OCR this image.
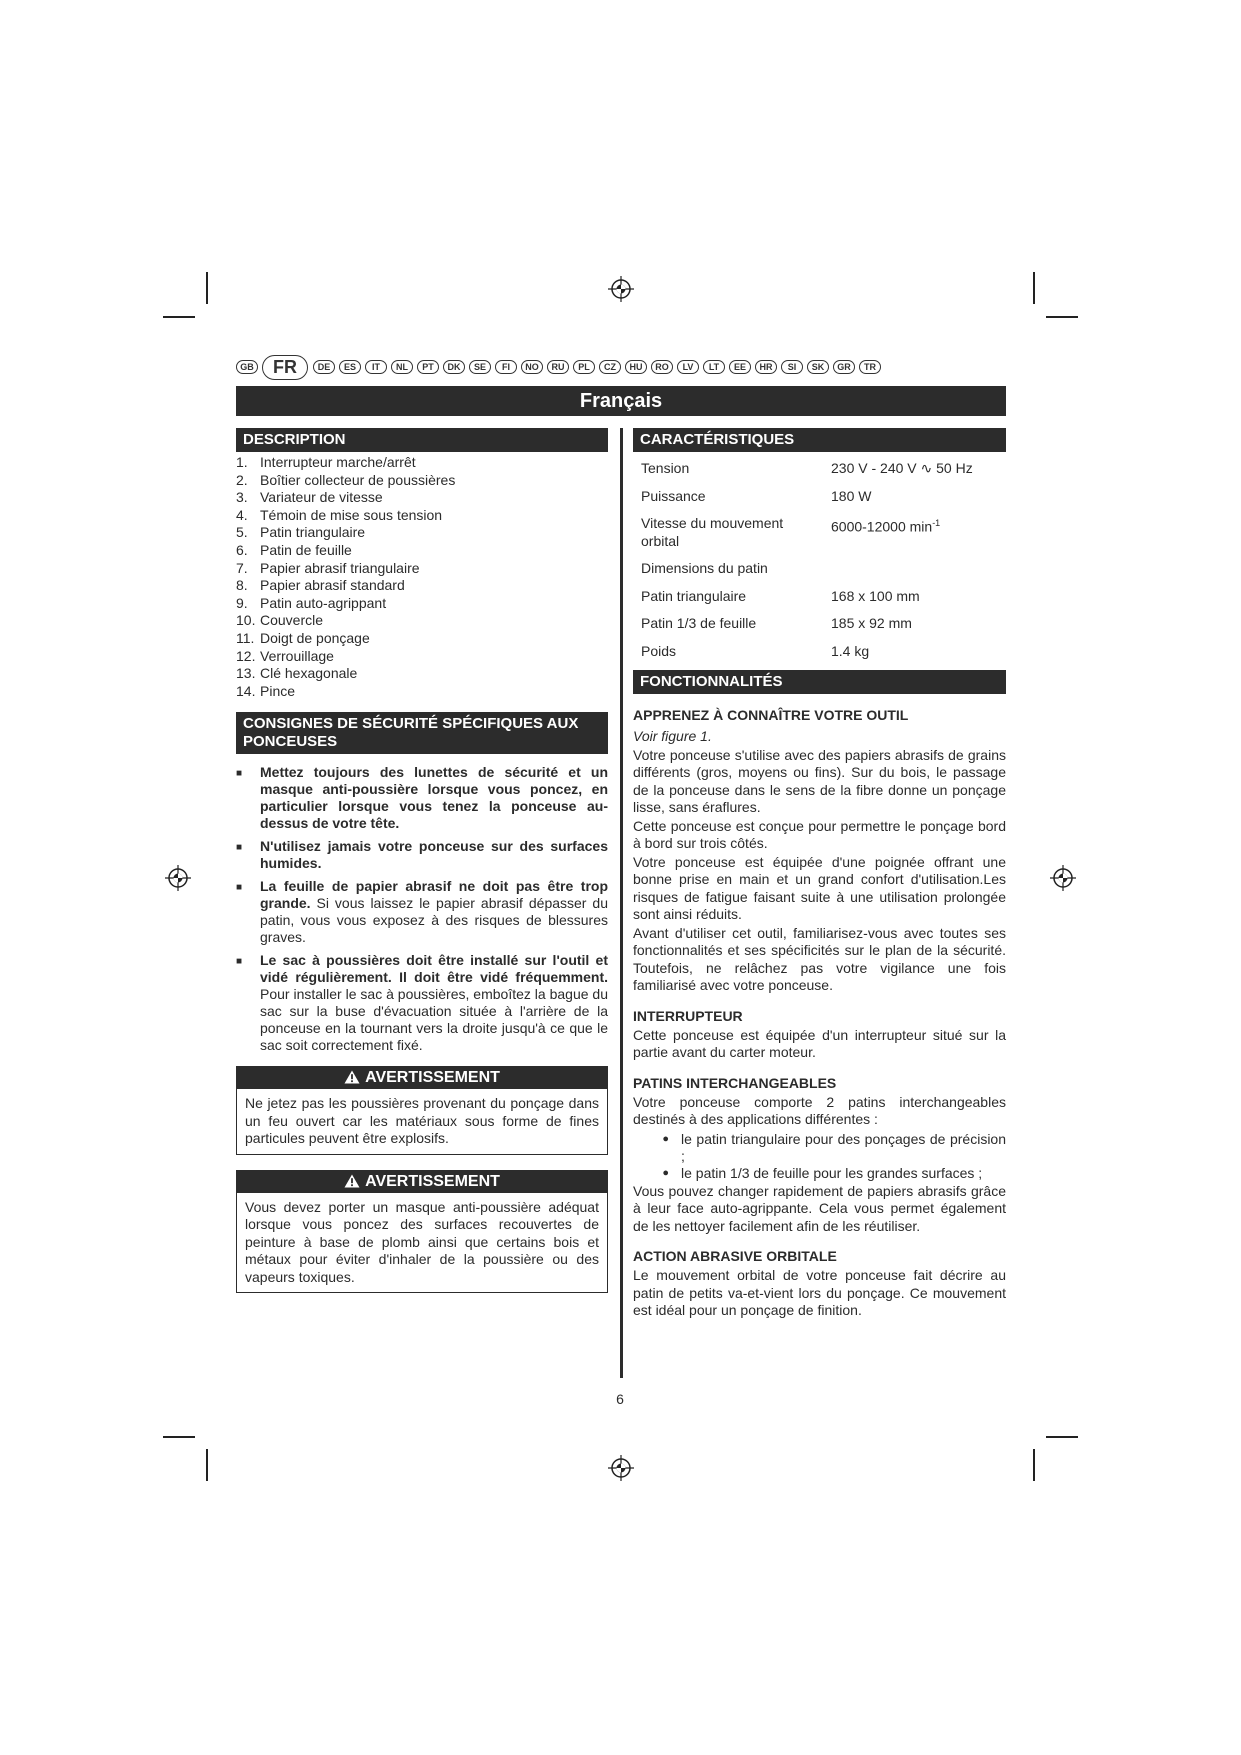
GB	FR	DE	ES	IT	NL	PT	DK	SE	FI	NO	RU	PL	CZ	HU	RO	LV	LT	EE	HR	SI	SK	GR	TR
Français
DESCRIPTION
1. Interrupteur marche/arrêt
2. Boîtier collecteur de poussières
3. Variateur de vitesse
4. Témoin de mise sous tension
5. Patin triangulaire
6. Patin de feuille
7. Papier abrasif triangulaire
8. Papier abrasif standard
9. Patin auto-agrippant
10. Couvercle
11. Doigt de ponçage
12. Verrouillage
13. Clé hexagonale
14. Pince
CONSIGNES DE SÉCURITÉ SPÉCIFIQUES AUX PONCEUSES
■	Mettez toujours des lunettes de sécurité et un masque anti-poussière lorsque vous poncez, en particulier lorsque vous tenez la ponceuse au-dessus de votre tête.
■	N'utilisez jamais votre ponceuse sur des surfaces humides.
■	La feuille de papier abrasif ne doit pas être trop grande. Si vous laissez le papier abrasif dépasser du patin, vous vous exposez à des risques de blessures graves.
■	Le sac à poussières doit être installé sur l'outil et vidé régulièrement. Il doit être vidé fréquemment. Pour installer le sac à poussières, emboîtez la bague du sac sur la buse d'évacuation située à l'arrière de la ponceuse en la tournant vers la droite jusqu'à ce que le sac soit correctement fixé.
AVERTISSEMENT
Ne jetez pas les poussières provenant du ponçage dans un feu ouvert car les matériaux sous forme de fines particules peuvent être explosifs.
AVERTISSEMENT
Vous devez porter un masque anti-poussière adéquat lorsque vous poncez des surfaces recouvertes de peinture à base de plomb ainsi que certains bois et métaux pour éviter d'inhaler de la poussière ou des vapeurs toxiques.
CARACTÉRISTIQUES
Tension	230 V - 240 V ∿ 50 Hz
Puissance	180 W
Vitesse du mouvement orbital	6000-12000 $\min^{-1}$
Dimensions du patin	
Patin triangulaire	168 x 100 mm
Patin 1/3 de feuille	185 x 92 mm
Poids	1.4 kg
FONCTIONNALITÉS

APPRENEZ À CONNAÎTRE VOTRE OUTIL

Voir figure 1.

Votre ponceuse s'utilise avec des papiers abrasifs de grains différents (gros, moyens ou fins). Sur du bois, le passage de la ponceuse dans le sens de la fibre donne un ponçage lisse, sans éraflures.

Cette ponceuse est conçue pour permettre le ponçage bord à bord sur trois côtés.

Votre ponceuse est équipée d'une poignée offrant une bonne prise en main et un grand confort d'utilisation.Les risques de fatigue faisant suite à une utilisation prolongée sont ainsi réduits.

Avant d'utiliser cet outil, familiarisez-vous avec toutes ses fonctionnalités et ses spécificités sur le plan de la sécurité. Toutefois, ne relâchez pas votre vigilance une fois familiarisé avec votre ponceuse.

INTERRUPTEUR

Cette ponceuse est équipée d'un interrupteur situé sur la partie avant du carter moteur.

PATINS INTERCHANGEABLES

Votre ponceuse comporte 2 patins interchangeables destinés à des applications différentes :

● le patin triangulaire pour des ponçages de précision ;
● le patin 1/3 de feuille pour les grandes surfaces ;

Vous pouvez changer rapidement de papiers abrasifs grâce à leur face auto-agrippante. Cela vous permet également de les nettoyer facilement afin de les réutiliser.

ACTION ABRASIVE ORBITALE

Le mouvement orbital de votre ponceuse fait décrire au patin de petits va-et-vient lors du ponçage. Ce mouvement est idéal pour un ponçage de finition.

6
